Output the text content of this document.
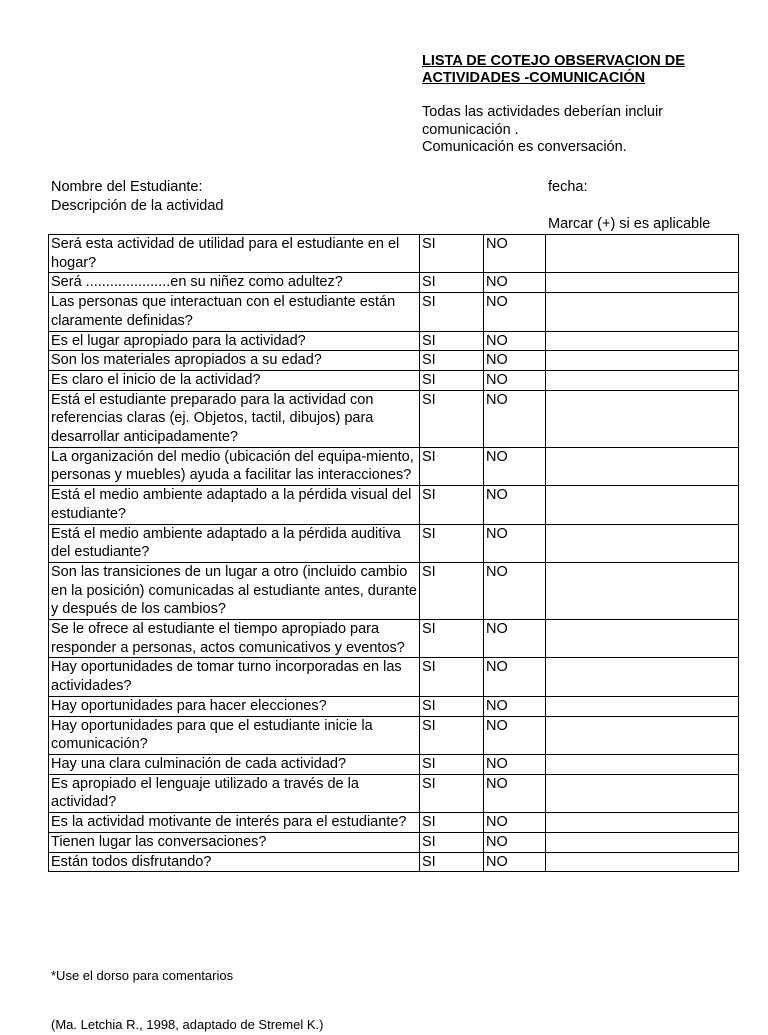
LISTA DE COTEJO OBSERVACION DE
ACTIVIDADES -COMUNICACIÓN
Todas las actividades deberían incluir
comunicación .
Comunicación es conversación.
Nombre del Estudiante:
Descripción de la actividad
fecha:
Marcar (+) si es aplicable
Será esta actividad de utilidad para el estudiante en el hogar?	SI	NO	
Será .....................en su niñez como adultez?	SI	NO	
Las personas que interactuan con el estudiante están claramente definidas?	SI	NO	
Es el lugar apropiado para la actividad?	SI	NO	
Son los materiales apropiados a su edad?	SI	NO	
Es claro el inicio de la actividad?	SI	NO	
Está el estudiante preparado para la actividad con referencias claras (ej. Objetos, tactil, dibujos) para desarrollar anticipadamente?	SI	NO	
La organización del medio (ubicación del equipa-miento, personas y muebles) ayuda a facilitar las interacciones?	SI	NO	
Está el medio ambiente adaptado a la pérdida visual del estudiante?	SI	NO	
Está el medio ambiente adaptado a la pérdida auditiva del estudiante?	SI	NO	
Son las transiciones de un lugar a otro (incluido cambio en la posición) comunicadas al estudiante antes, durante y después de los cambios?	SI	NO	
Se le ofrece al estudiante el tiempo apropiado para responder a personas, actos comunicativos y eventos?	SI	NO	
Hay oportunidades de tomar turno incorporadas en las actividades?	SI	NO	
Hay oportunidades para hacer elecciones?	SI	NO	
Hay oportunidades para que el estudiante inicie la comunicación?	SI	NO	
Hay una clara culminación de cada actividad?	SI	NO	
Es apropiado el lenguaje utilizado a través de la actividad?	SI	NO	
Es la actividad motivante de interés para el estudiante?	SI	NO	
Tienen lugar las conversaciones?	SI	NO	
Están todos disfrutando?	SI	NO	
*Use el dorso para comentarios
(Ma. Letchia R., 1998, adaptado de Stremel K.)
